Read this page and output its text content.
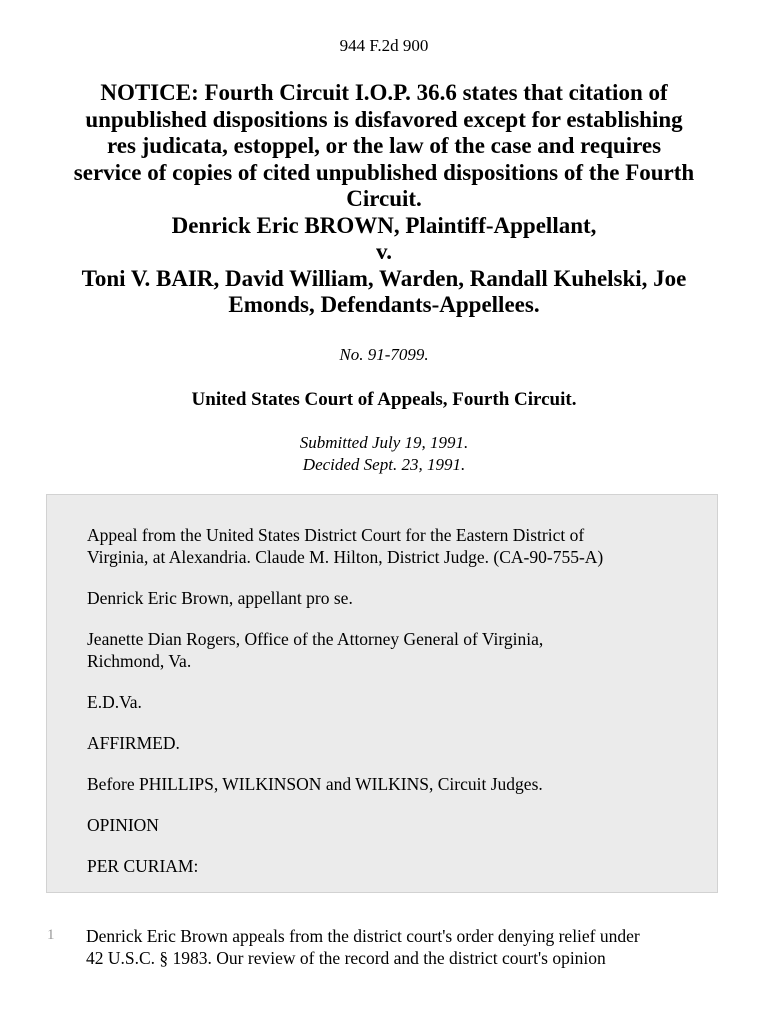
944 F.2d 900
NOTICE: Fourth Circuit I.O.P. 36.6 states that citation of
unpublished dispositions is disfavored except for establishing
res judicata, estoppel, or the law of the case and requires
service of copies of cited unpublished dispositions of the Fourth
Circuit.
Denrick Eric BROWN, Plaintiff-Appellant,
v.
Toni V. BAIR, David William, Warden, Randall Kuhelski, Joe
Emonds, Defendants-Appellees.
No. 91-7099.
United States Court of Appeals, Fourth Circuit.
Submitted July 19, 1991.
Decided Sept. 23, 1991.

Appeal from the United States District Court for the Eastern District of
Virginia, at Alexandria. Claude M. Hilton, District Judge. (CA-90-755-A)

Denrick Eric Brown, appellant pro se.

Jeanette Dian Rogers, Office of the Attorney General of Virginia,
Richmond, Va.

E.D.Va.

AFFIRMED.

Before PHILLIPS, WILKINSON and WILKINS, Circuit Judges.

OPINION

PER CURIAM:

1 Denrick Eric Brown appeals from the district court's order denying relief under
42 U.S.C. § 1983. Our review of the record and the district court's opinion
